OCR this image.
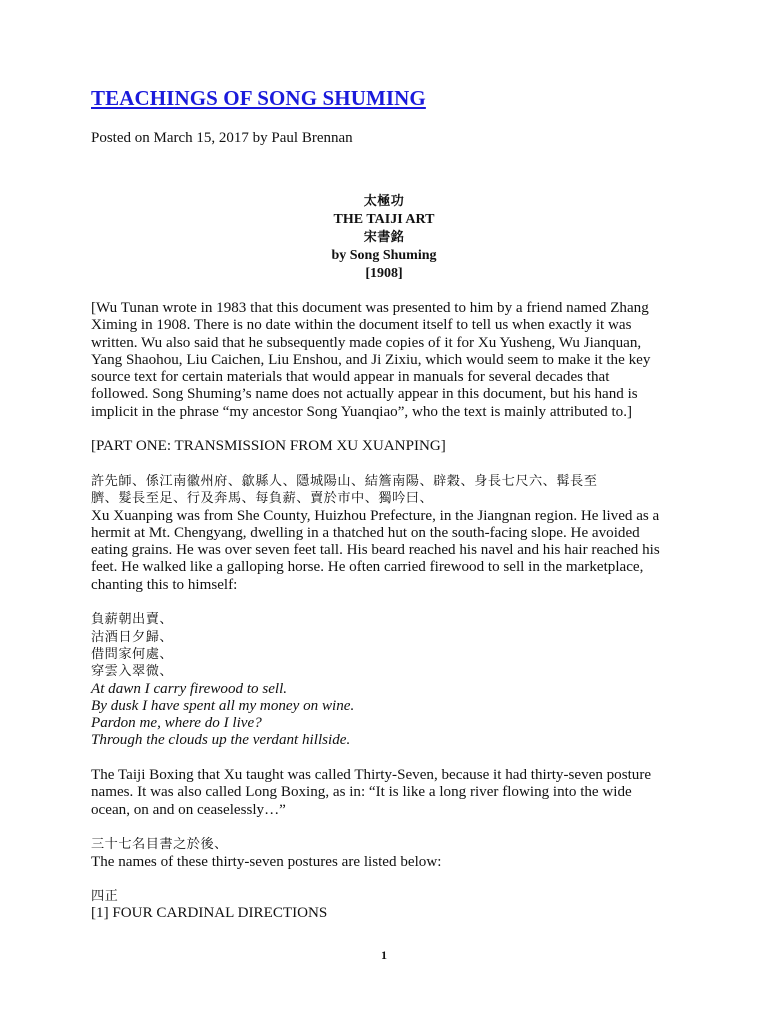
TEACHINGS OF SONG SHUMING
Posted on March 15, 2017 by Paul Brennan
太極功
THE TAIJI ART
宋書銘
by Song Shuming
[1908]

[Wu Tunan wrote in 1983 that this document was presented to him by a friend named Zhang

Ximing in 1908. There is no date within the document itself to tell us when exactly it was

written. Wu also said that he subsequently made copies of it for Xu Yusheng, Wu Jianquan,

Yang Shaohou, Liu Caichen, Liu Enshou, and Ji Zixiu, which would seem to make it the key

source text for certain materials that would appear in manuals for several decades that

followed. Song Shuming’s name does not actually appear in this document, but his hand is

implicit in the phrase “my ancestor Song Yuanqiao”, who the text is mainly attributed to.]

[PART ONE: TRANSMISSION FROM XU XUANPING]

許先師、係江南徽州府、歙縣人、隱城陽山、結簷南陽、辟穀、身長七尺六、髯長至

臍、髮長至足、行及奔馬、每負薪、賣於市中、獨吟曰、

Xu Xuanping was from She County, Huizhou Prefecture, in the Jiangnan region. He lived as a

hermit at Mt. Chengyang, dwelling in a thatched hut on the south-facing slope. He avoided

eating grains. He was over seven feet tall. His beard reached his navel and his hair reached his

feet. He walked like a galloping horse. He often carried firewood to sell in the marketplace,

chanting this to himself:

負薪朝出賣、

沽酒日夕歸、

借問家何處、

穿雲入翠微、

At dawn I carry firewood to sell.

By dusk I have spent all my money on wine.

Pardon me, where do I live?

Through the clouds up the verdant hillside.

The Taiji Boxing that Xu taught was called Thirty-Seven, because it had thirty-seven posture

names. It was also called Long Boxing, as in: “It is like a long river flowing into the wide

ocean, on and on ceaselessly…”

三十七名目書之於後、

The names of these thirty-seven postures are listed below:

四正

[1] FOUR CARDINAL DIRECTIONS

1
